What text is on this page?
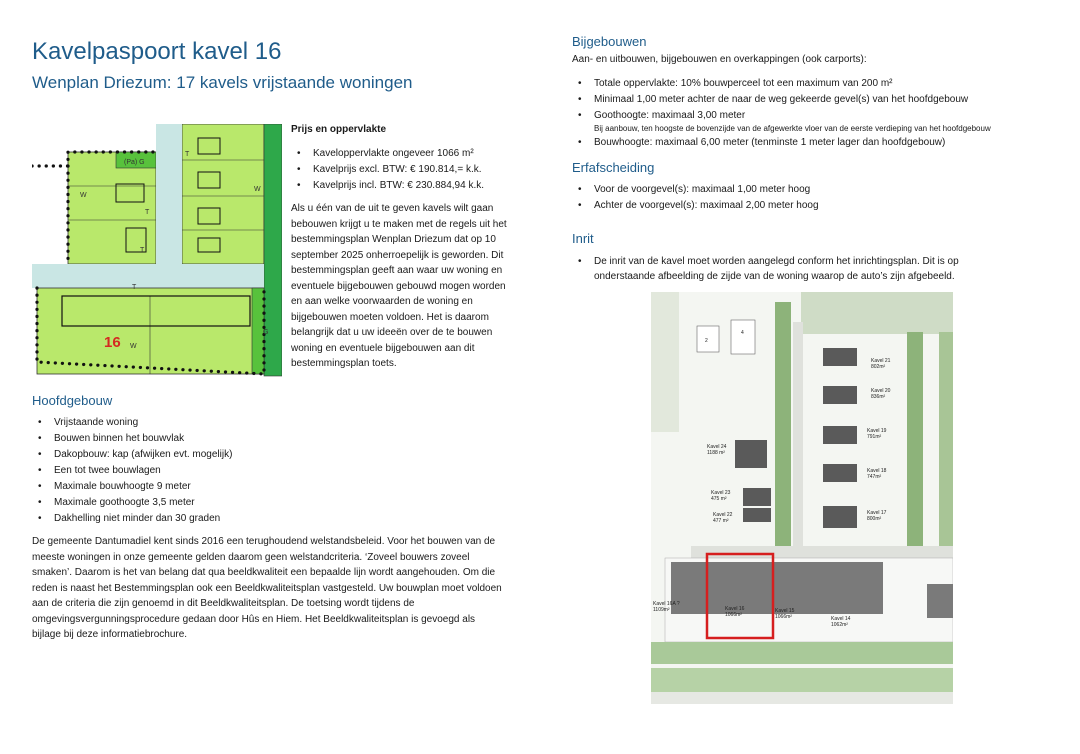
Kavelpaspoort kavel 16
Wenplan Driezum: 17 kavels vrijstaande woningen
(Pa) G
T
W
W
T
T
W
G
T
16
Prijs en oppervlakte
• Kaveloppervlakte ongeveer 1066 m²
• Kavelprijs excl. BTW: € 190.814,= k.k.
• Kavelprijs incl. BTW: € 230.884,94 k.k.
Als u één van de uit te geven kavels wilt gaan bebouwen krijgt u te maken met de regels uit het bestemmingsplan Wenplan Driezum dat op 10 september 2025 onherroepelijk is geworden. Dit bestemmingsplan geeft aan waar uw woning en eventuele bijgebouwen gebouwd mogen worden en aan welke voorwaarden de woning en bijgebouwen moeten voldoen. Het is daarom belangrijk dat u uw ideeën over de te bouwen woning en eventuele bijgebouwen aan dit bestemmingsplan toets.
Hoofdgebouw
• Vrijstaande woning
• Bouwen binnen het bouwvlak
• Dakopbouw: kap (afwijken evt. mogelijk)
• Een tot twee bouwlagen
• Maximale bouwhoogte 9 meter
• Maximale goothoogte 3,5 meter
• Dakhelling niet minder dan 30 graden
De gemeente Dantumadiel kent sinds 2016 een terughoudend welstandsbeleid. Voor het bouwen van de meeste woningen in onze gemeente gelden daarom geen welstandcriteria. ‘Zoveel bouwers zoveel smaken’. Daarom is het van belang dat qua beeldkwaliteit een bepaalde lijn wordt aangehouden. Om die reden is naast het Bestemmingsplan ook een Beeldkwaliteitsplan vastgesteld. Uw bouwplan moet voldoen aan de criteria die zijn genoemd in dit Beeldkwaliteitsplan. De toetsing wordt tijdens de omgevingsvergunningsprocedure gedaan door Hûs en Hiem. Het Beeldkwaliteitsplan is gevoegd als bijlage bij deze informatiebrochure.
Bijgebouwen
Aan- en uitbouwen, bijgebouwen en overkappingen (ook carports):
• Totale oppervlakte: 10% bouwperceel tot een maximum van 200 m²
• Minimaal 1,00 meter achter de naar de weg gekeerde gevel(s) van het hoofdgebouw
• Goothoogte: maximaal 3,00 meter
Bij aanbouw, ten hoogste de bovenzijde van de afgewerkte vloer van de eerste verdieping van het hoofdgebouw
• Bouwhoogte: maximaal 6,00 meter (tenminste 1 meter lager dan hoofdgebouw)
Erfafscheiding
• Voor de voorgevel(s): maximaal 1,00 meter hoog
• Achter de voorgevel(s): maximaal 2,00 meter hoog
Inrit
• De inrit van de kavel moet worden aangelegd conform het inrichtingsplan. Dit is op onderstaande afbeelding de zijde van de woning waarop de auto’s zijn afgebeeld.
2
4
Kavel 21
802m²
Kavel 20
836m²
Kavel 19
791m²
Kavel 18
747m²
Kavel 17
800m²
Kavel 24
1188 m²
Kavel 23
475 m²
Kavel 22
477 m²
Kavel 16A ?
1109m²	Kavel 16
1066m²
Kavel 15
1066m²	Kavel 14
1062m²
